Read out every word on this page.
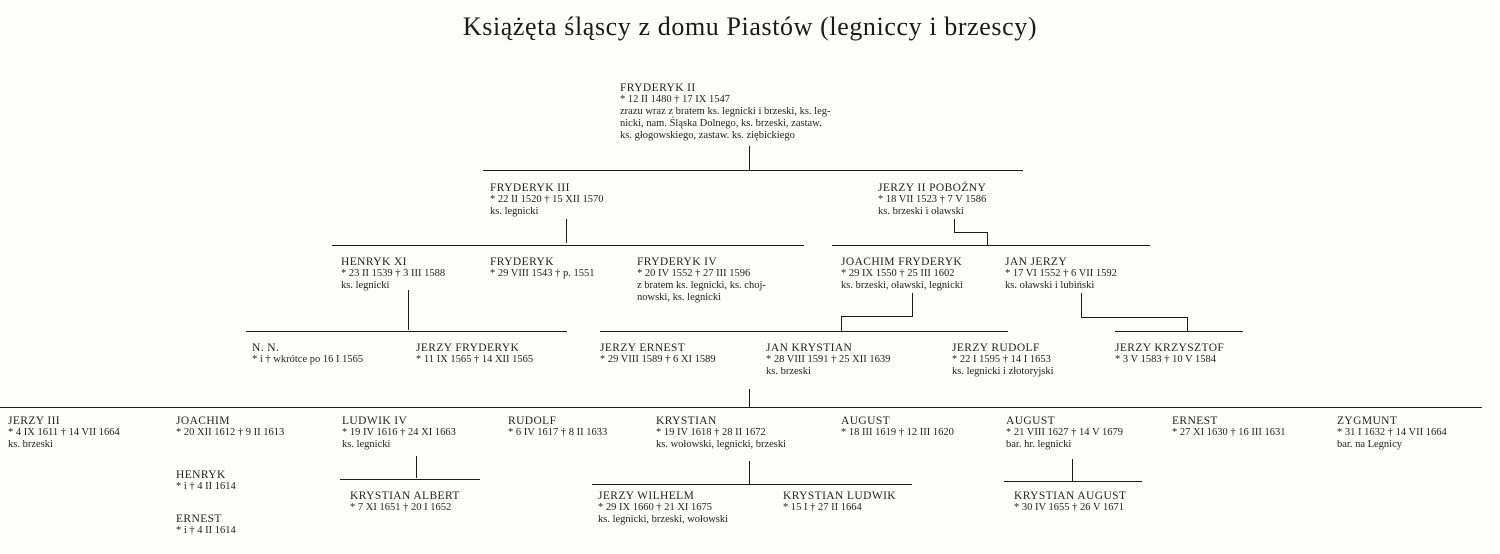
Książęta śląscy z domu Piastów (legniccy i brzescy)
FRYDERYK II
* 12 II 1480 † 17 IX 1547
zrazu wraz z bratem ks. legnicki i brzeski, ks. leg-
nicki, nam. Śląska Dolnego, ks. brzeski, zastaw.
ks. głogowskiego, zastaw. ks. ziębickiego
FRYDERYK III
* 22 II 1520 † 15 XII 1570
ks. legnicki
JERZY II POBOŻNY
* 18 VII 1523 † 7 V 1586
ks. brzeski i oławski
HENRYK XI
* 23 II 1539 † 3 III 1588
ks. legnicki
FRYDERYK
* 29 VIII 1543 † p. 1551
FRYDERYK IV
* 20 IV 1552 † 27 III 1596
z bratem ks. legnicki, ks. choj-
nowski, ks. legnicki
JOACHIM FRYDERYK
* 29 IX 1550 † 25 III 1602
ks. brzeski, oławski, legnicki
JAN JERZY
* 17 VI 1552 † 6 VII 1592
ks. oławski i lubiński
N. N.
* i † wkrótce po 16 I 1565
JERZY FRYDERYK
* 11 IX 1565 † 14 XII 1565
JERZY ERNEST
* 29 VIII 1589 † 6 XI 1589
JAN KRYSTIAN
* 28 VIII 1591 † 25 XII 1639
ks. brzeski
JERZY RUDOLF
* 22 I 1595 † 14 I 1653
ks. legnicki i złotoryjski
JERZY KRZYSZTOF
* 3 V 1583 † 10 V 1584
JERZY III
* 4 IX 1611 † 14 VII 1664
ks. brzeski
JOACHIM
* 20 XII 1612 † 9 II 1613
HENRYK
* i † 4 II 1614
ERNEST
* i † 4 II 1614
LUDWIK IV
* 19 IV 1616 † 24 XI 1663
ks. legnicki
KRYSTIAN ALBERT
* 7 XI 1651 † 20 I 1652
RUDOLF
* 6 IV 1617 † 8 II 1633
KRYSTIAN
* 19 IV 1618 † 28 II 1672
ks. wołowski, legnicki, brzeski
AUGUST
* 18 III 1619 † 12 III 1620
JERZY WILHELM
* 29 IX 1660 † 21 XI 1675
ks. legnicki, brzeski, wołowski
KRYSTIAN LUDWIK
* 15 I † 27 II 1664
AUGUST
* 21 VIII 1627 † 14 V 1679
bar. hr. legnicki
KRYSTIAN AUGUST
* 30 IV 1655 † 26 V 1671
ERNEST
* 27 XI 1630 † 16 III 1631
ZYGMUNT
* 31 I 1632 † 14 VII 1664
bar. na Legnicy
